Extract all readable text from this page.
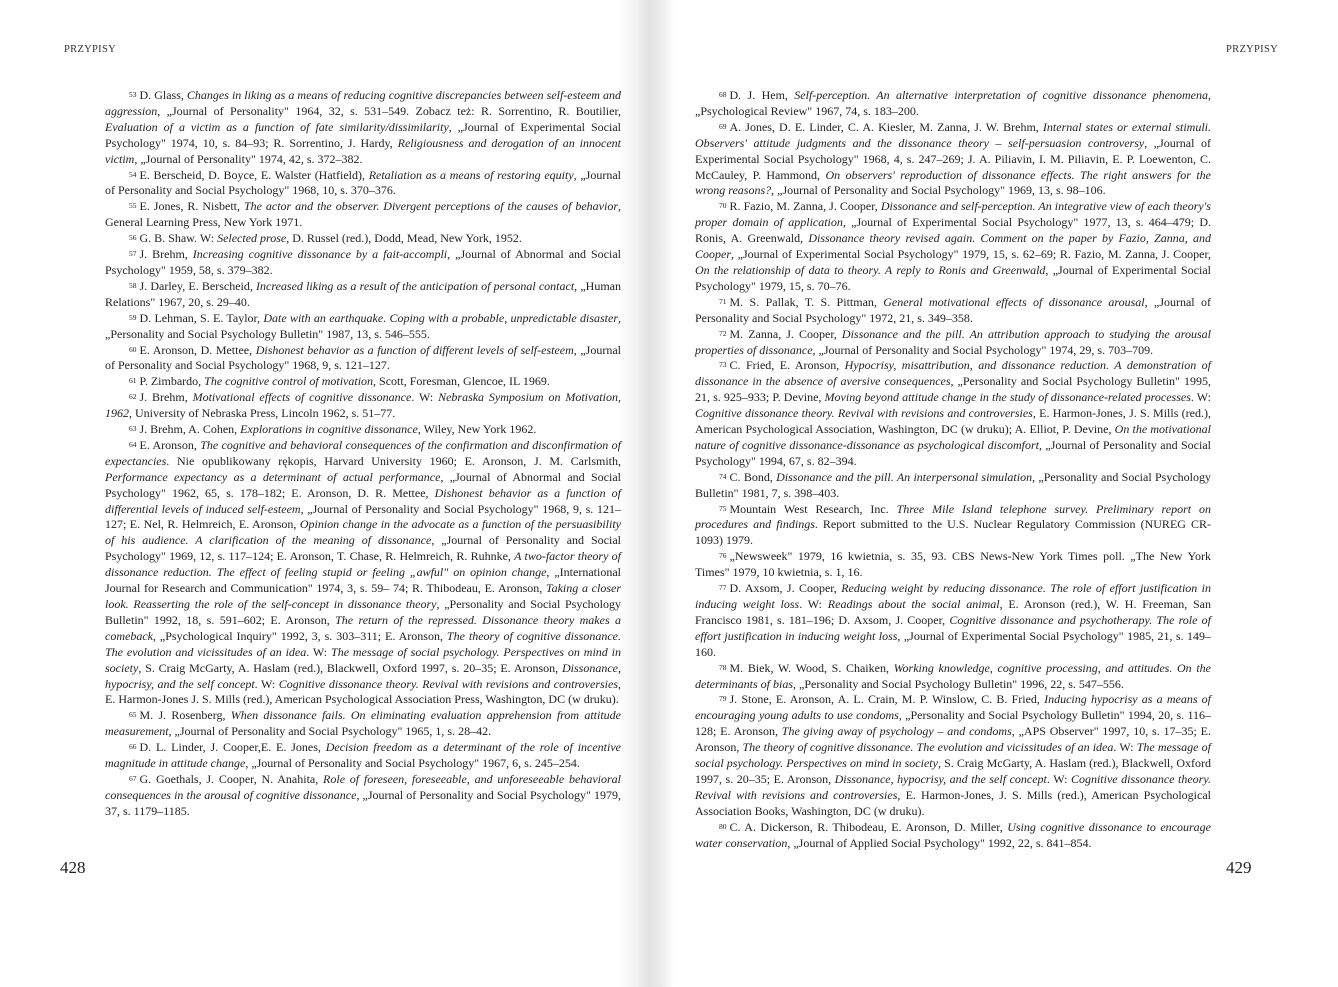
PRZYPISY

$^{53}$ D. Glass, Changes in liking as a means of reducing cognitive discrepancies between self-esteem and aggression, „Journal of Personality" 1964, 32, s. 531–549. Zobacz też: R. Sorrentino, R. Boutilier, Evaluation of a victim as a function of fate similarity/dissimilarity, „Journal of Experimental Social Psychology" 1974, 10, s. 84–93; R. Sorrentino, J. Hardy, Religiousness and derogation of an innocent victim, „Journal of Personality" 1974, 42, s. 372–382.

$^{54}$ E. Berscheid, D. Boyce, E. Walster (Hatfield), Retaliation as a means of restoring equity, „Journal of Personality and Social Psychology" 1968, 10, s. 370–376.

$^{55}$ E. Jones, R. Nisbett, The actor and the observer. Divergent perceptions of the causes of behavior, General Learning Press, New York 1971.

$^{56}$ G. B. Shaw. W: Selected prose, D. Russel (red.), Dodd, Mead, New York, 1952.

$^{57}$ J. Brehm, Increasing cognitive dissonance by a fait-accompli, „Journal of Abnormal and Social Psychology" 1959, 58, s. 379–382.

$^{58}$ J. Darley, E. Berscheid, Increased liking as a result of the anticipation of personal contact, „Human Relations" 1967, 20, s. 29–40.

$^{59}$ D. Lehman, S. E. Taylor, Date with an earthquake. Coping with a probable, unpredictable disaster, „Personality and Social Psychology Bulletin" 1987, 13, s. 546–555.

$^{60}$ E. Aronson, D. Mettee, Dishonest behavior as a function of different levels of self-esteem, „Journal of Personality and Social Psychology" 1968, 9, s. 121–127.

$^{61}$ P. Zimbardo, The cognitive control of motivation, Scott, Foresman, Glencoe, IL 1969.

$^{62}$ J. Brehm, Motivational effects of cognitive dissonance. W: Nebraska Symposium on Motivation, 1962, University of Nebraska Press, Lincoln 1962, s. 51–77.

$^{63}$ J. Brehm, A. Cohen, Explorations in cognitive dissonance, Wiley, New York 1962.

$^{64}$ E. Aronson, The cognitive and behavioral consequences of the confirmation and disconfirmation of expectancies. Nie opublikowany rękopis, Harvard University 1960; E. Aronson, J. M. Carlsmith, Performance expectancy as a determinant of actual performance, „Journal of Abnormal and Social Psychology" 1962, 65, s. 178–182; E. Aronson, D. R. Mettee, Dishonest behavior as a function of differential levels of induced self-esteem, „Journal of Personality and Social Psychology" 1968, 9, s. 121–127; E. Nel, R. Helmreich, E. Aronson, Opinion change in the advocate as a function of the persuasibility of his audience. A clarification of the meaning of dissonance, „Journal of Personality and Social Psychology" 1969, 12, s. 117–124; E. Aronson, T. Chase, R. Helmreich, R. Ruhnke, A two-factor theory of dissonance reduction. The effect of feeling stupid or feeling „awful" on opinion change, „International Journal for Research and Communication" 1974, 3, s. 59– 74; R. Thibodeau, E. Aronson, Taking a closer look. Reasserting the role of the self-concept in dissonance theory, „Personality and Social Psychology Bulletin" 1992, 18, s. 591–602; E. Aronson, The return of the repressed. Dissonance theory makes a comeback, „Psychological Inquiry" 1992, 3, s. 303–311; E. Aronson, The theory of cognitive dissonance. The evolution and vicissitudes of an idea. W: The message of social psychology. Perspectives on mind in society, S. Craig McGarty, A. Haslam (red.), Blackwell, Oxford 1997, s. 20–35; E. Aronson, Dissonance, hypocrisy, and the self concept. W: Cognitive dissonance theory. Revival with revisions and controversies, E. Harmon-Jones J. S. Mills (red.), American Psychological Association Press, Washington, DC (w druku).

$^{65}$ M. J. Rosenberg, When dissonance fails. On eliminating evaluation apprehension from attitude measurement, „Journal of Personality and Social Psychology" 1965, 1, s. 28–42.

$^{66}$ D. L. Linder, J. Cooper,E. E. Jones, Decision freedom as a determinant of the role of incentive magnitude in attitude change, „Journal of Personality and Social Psychology" 1967, 6, s. 245–254.

$^{67}$ G. Goethals, J. Cooper, N. Anahita, Role of foreseen, foreseeable, and unforeseeable behavioral consequences in the arousal of cognitive dissonance, „Journal of Personality and Social Psychology" 1979, 37, s. 1179–1185.

428
PRZYPISY

$^{68}$ D. J. Hem, Self-perception. An alternative interpretation of cognitive dissonance phenomena, „Psychological Review" 1967, 74, s. 183–200.

$^{69}$ A. Jones, D. E. Linder, C. A. Kiesler, M. Zanna, J. W. Brehm, Internal states or external stimuli. Observers' attitude judgments and the dissonance theory – self-persuasion controversy, „Journal of Experimental Social Psychology" 1968, 4, s. 247–269; J. A. Piliavin, I. M. Piliavin, E. P. Loewenton, C. McCauley, P. Hammond, On observers' reproduction of dissonance effects. The right answers for the wrong reasons?, „Journal of Personality and Social Psychology" 1969, 13, s. 98–106.

$^{70}$ R. Fazio, M. Zanna, J. Cooper, Dissonance and self-perception. An integrative view of each theory's proper domain of application, „Journal of Experimental Social Psychology" 1977, 13, s. 464–479; D. Ronis, A. Greenwald, Dissonance theory revised again. Comment on the paper by Fazio, Zanna, and Cooper, „Journal of Experimental Social Psychology" 1979, 15, s. 62–69; R. Fazio, M. Zanna, J. Cooper, On the relationship of data to theory. A reply to Ronis and Greenwald, „Journal of Experimental Social Psychology" 1979, 15, s. 70–76.

$^{71}$ M. S. Pallak, T. S. Pittman, General motivational effects of dissonance arousal, „Journal of Personality and Social Psychology" 1972, 21, s. 349–358.

$^{72}$ M. Zanna, J. Cooper, Dissonance and the pill. An attribution approach to studying the arousal properties of dissonance, „Journal of Personality and Social Psychology" 1974, 29, s. 703–709.

$^{73}$ C. Fried, E. Aronson, Hypocrisy, misattribution, and dissonance reduction. A demonstration of dissonance in the absence of aversive consequences, „Personality and Social Psychology Bulletin" 1995, 21, s. 925–933; P. Devine, Moving beyond attitude change in the study of dissonance-related processes. W: Cognitive dissonance theory. Revival with revisions and controversies, E. Harmon-Jones, J. S. Mills (red.), American Psychological Association, Washington, DC (w druku); A. Elliot, P. Devine, On the motivational nature of cognitive dissonance-dissonance as psychological discomfort, „Journal of Personality and Social Psychology" 1994, 67, s. 82–394.

$^{74}$ C. Bond, Dissonance and the pill. An interpersonal simulation, „Personality and Social Psychology Bulletin" 1981, 7, s. 398–403.

$^{75}$ Mountain West Research, Inc. Three Mile Island telephone survey. Preliminary report on procedures and findings. Report submitted to the U.S. Nuclear Regulatory Commission (NUREG CR-1093) 1979.

$^{76}$ „Newsweek" 1979, 16 kwietnia, s. 35, 93. CBS News-New York Times poll. „The New York Times" 1979, 10 kwietnia, s. 1, 16.

$^{77}$ D. Axsom, J. Cooper, Reducing weight by reducing dissonance. The role of effort justification in inducing weight loss. W: Readings about the social animal, E. Aronson (red.), W. H. Freeman, San Francisco 1981, s. 181–196; D. Axsom, J. Cooper, Cognitive dissonance and psychotherapy. The role of effort justification in inducing weight loss, „Journal of Experimental Social Psychology" 1985, 21, s. 149–160.

$^{78}$ M. Biek, W. Wood, S. Chaiken, Working knowledge, cognitive processing, and attitudes. On the determinants of bias, „Personality and Social Psychology Bulletin" 1996, 22, s. 547–556.

$^{79}$ J. Stone, E. Aronson, A. L. Crain, M. P. Winslow, C. B. Fried, Inducing hypocrisy as a means of encouraging young adults to use condoms, „Personality and Social Psychology Bulletin" 1994, 20, s. 116–128; E. Aronson, The giving away of psychology – and condoms, „APS Observer" 1997, 10, s. 17–35; E. Aronson, The theory of cognitive dissonance. The evolution and vicissitudes of an idea. W: The message of social psychology. Perspectives on mind in society, S. Craig McGarty, A. Haslam (red.), Blackwell, Oxford 1997, s. 20–35; E. Aronson, Dissonance, hypocrisy, and the self concept. W: Cognitive dissonance theory. Revival with revisions and controversies, E. Harmon-Jones, J. S. Mills (red.), American Psychological Association Books, Washington, DC (w druku).

$^{80}$ C. A. Dickerson, R. Thibodeau, E. Aronson, D. Miller, Using cognitive dissonance to encourage water conservation, „Journal of Applied Social Psychology" 1992, 22, s. 841–854.

429
